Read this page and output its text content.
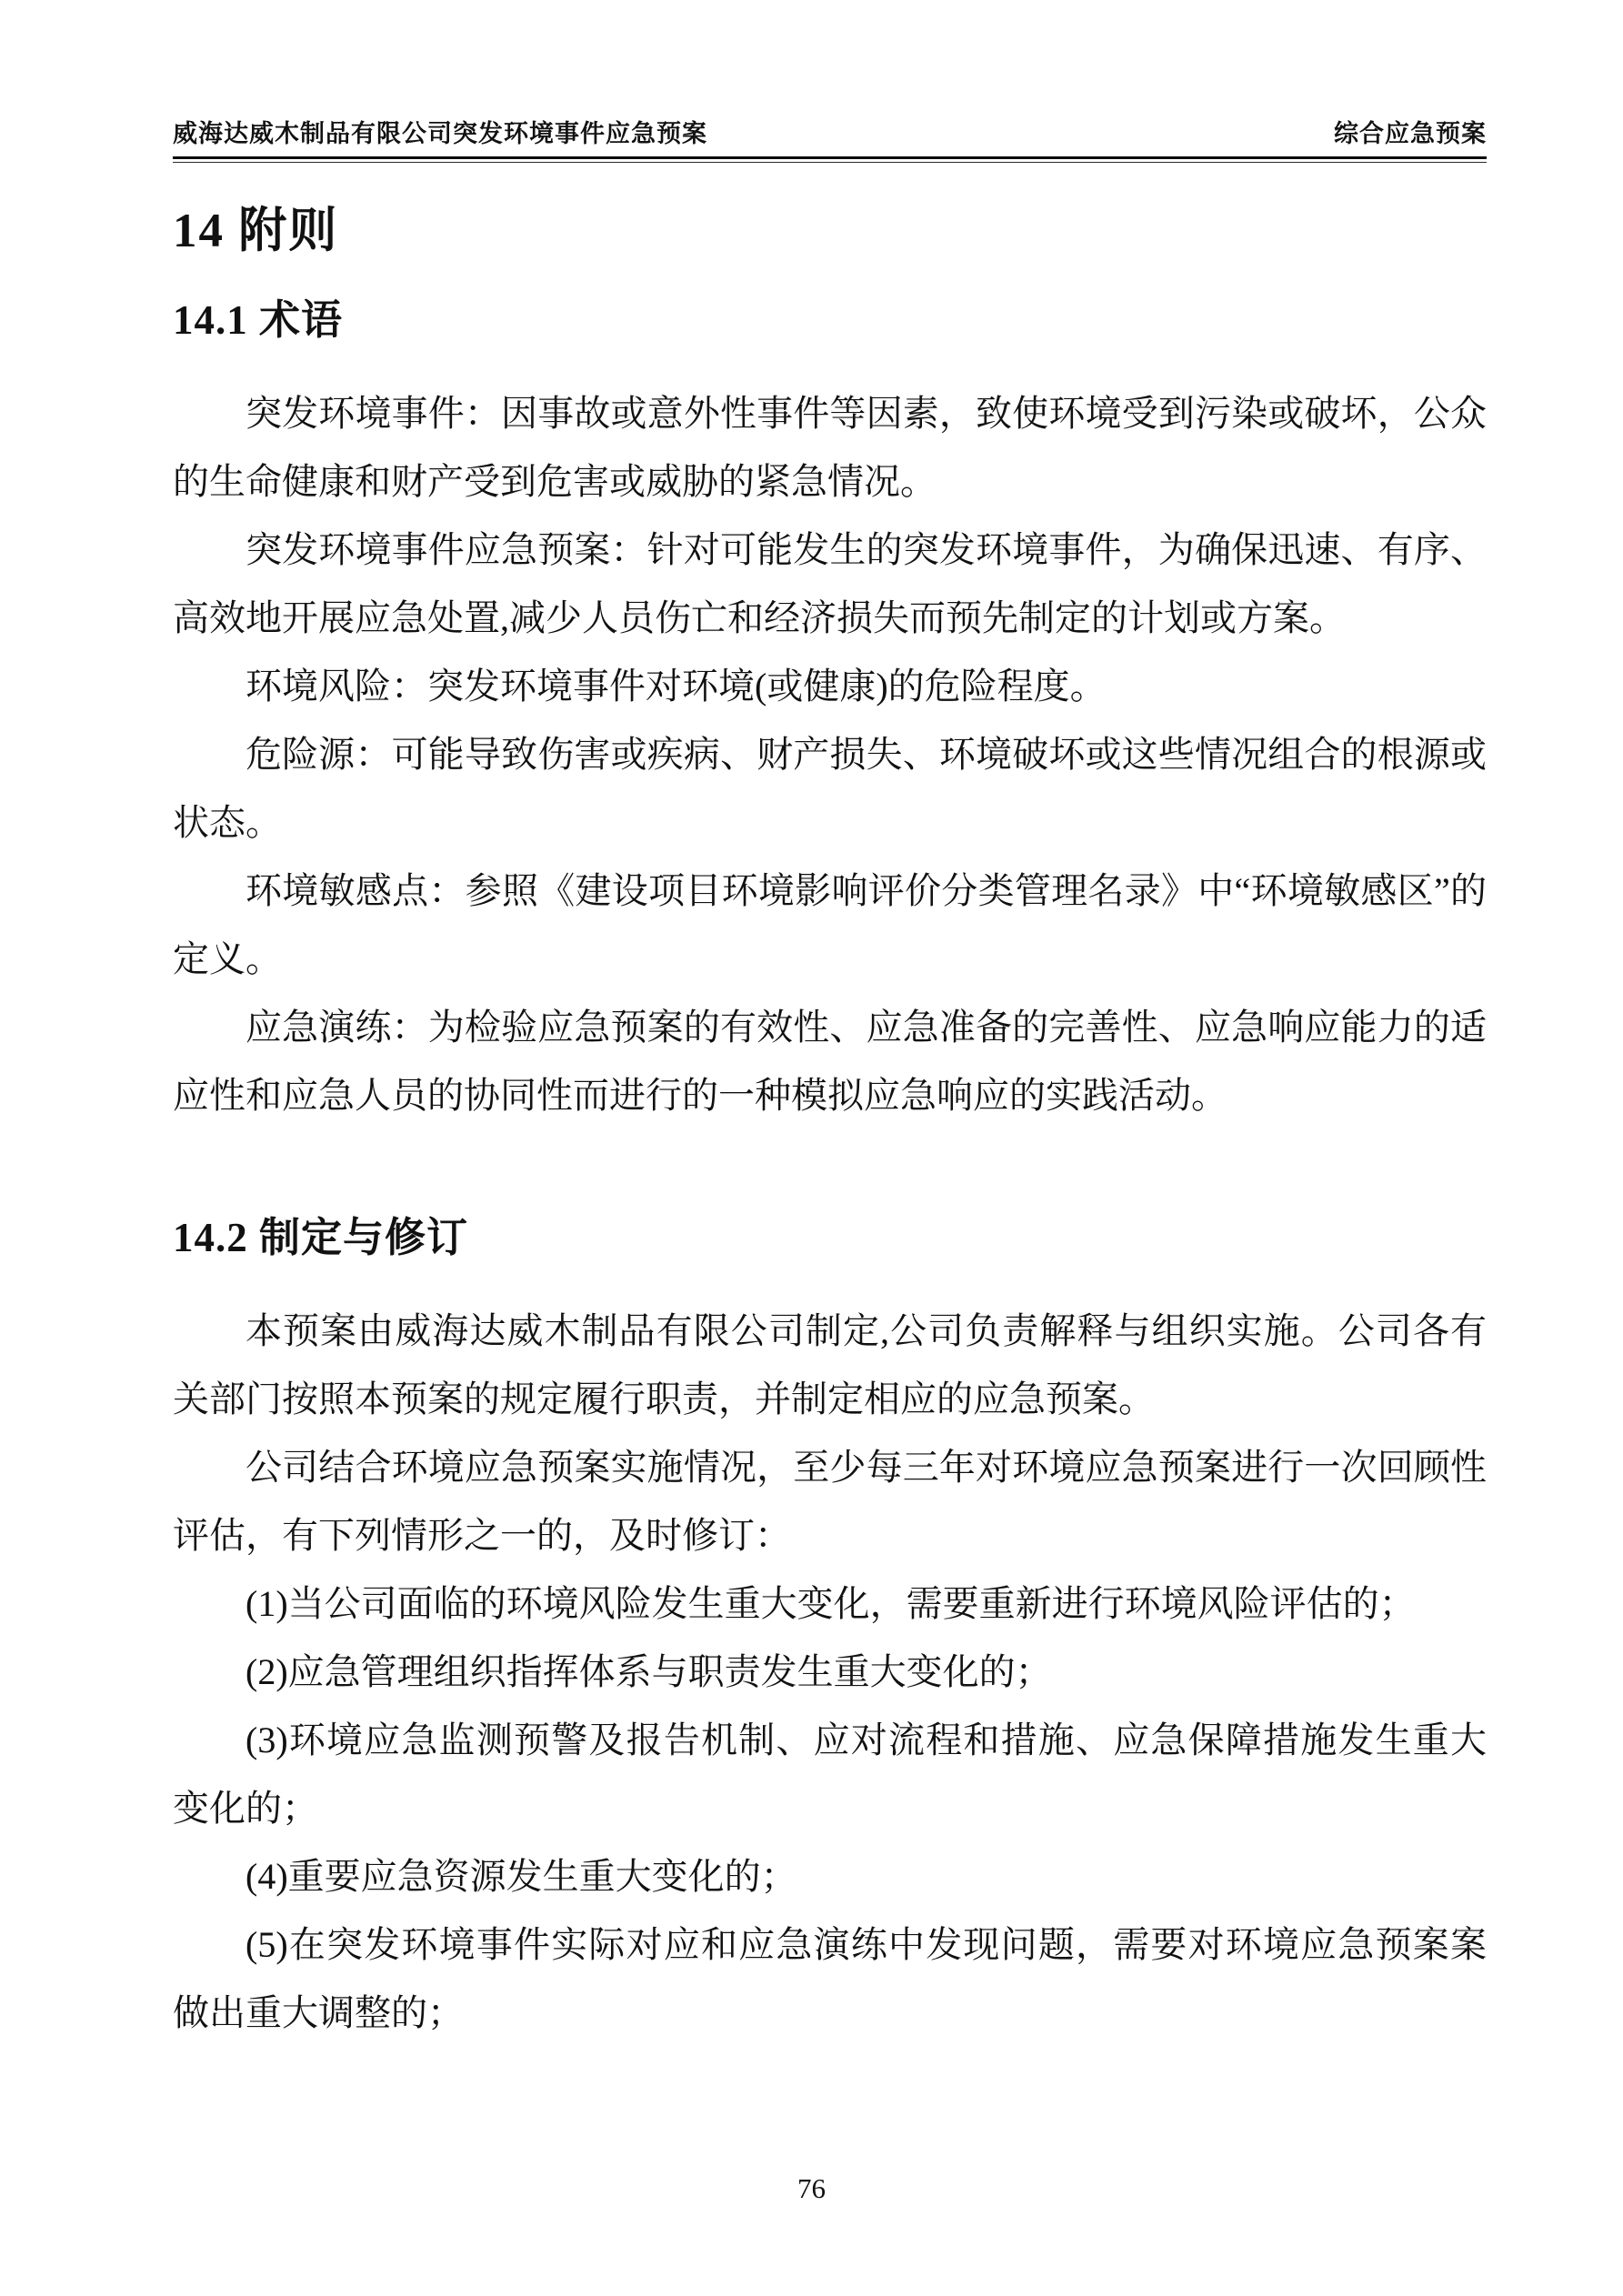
威海达威木制品有限公司突发环境事件应急预案	综合应急预案
14 附则
14.1 术语

突发环境事件：因事故或意外性事件等因素，致使环境受到污染或破坏，公众的生命健康和财产受到危害或威胁的紧急情况。

突发环境事件应急预案：针对可能发生的突发环境事件，为确保迅速、有序、高效地开展应急处置,减少人员伤亡和经济损失而预先制定的计划或方案。

环境风险：突发环境事件对环境(或健康)的危险程度。

危险源：可能导致伤害或疾病、财产损失、环境破坏或这些情况组合的根源或状态。

环境敏感点：参照《建设项目环境影响评价分类管理名录》中“环境敏感区”的定义。

应急演练：为检验应急预案的有效性、应急准备的完善性、应急响应能力的适应性和应急人员的协同性而进行的一种模拟应急响应的实践活动。

14.2 制定与修订

本预案由威海达威木制品有限公司制定,公司负责解释与组织实施。公司各有关部门按照本预案的规定履行职责，并制定相应的应急预案。

公司结合环境应急预案实施情况，至少每三年对环境应急预案进行一次回顾性评估，有下列情形之一的，及时修订：

(1)当公司面临的环境风险发生重大变化，需要重新进行环境风险评估的；

(2)应急管理组织指挥体系与职责发生重大变化的；

(3)环境应急监测预警及报告机制、应对流程和措施、应急保障措施发生重大变化的；

(4)重要应急资源发生重大变化的；

(5)在突发环境事件实际对应和应急演练中发现问题，需要对环境应急预案案做出重大调整的；

76
